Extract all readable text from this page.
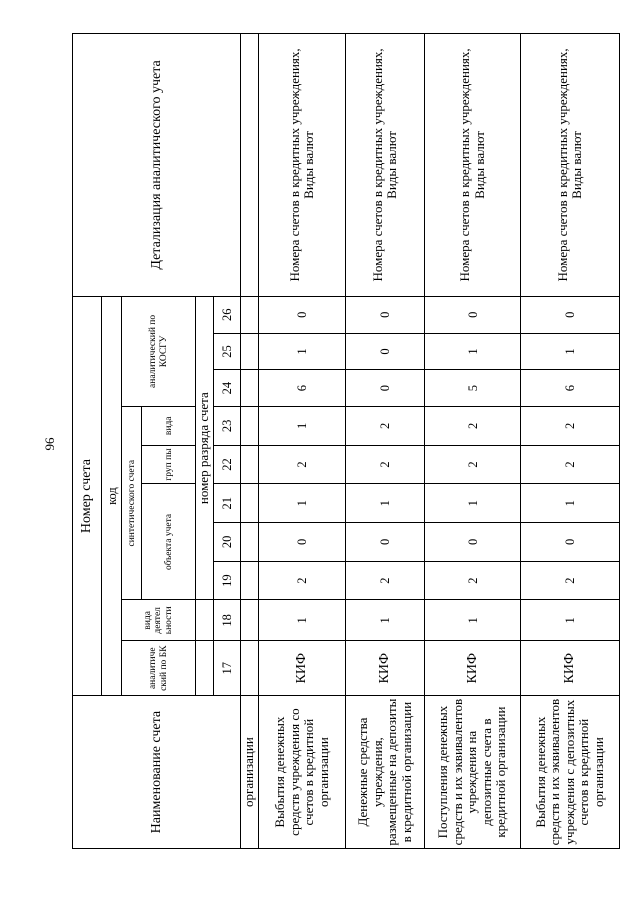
96
Наименование счета	Номер счета										Детализация аналитического учета
	код										
	аналитиче ский по БК	вида деятел ьности	синтетического счета					аналитический по КОСГУ			
			объекта учета			груп пы	вида				
			номер разряда счета								
	17	18	19	20	21	22	23	24	25	26	
организации											
Выбытия денежных средств учреждения со счетов в кредитной организации	КИФ	1	2	0	1	2	1	6	1	0	Номера счетов в кредитных учреждениях, Виды валют
Денежные средства учреждения, размещенные на депозиты в кредитной организации	КИФ	1	2	0	1	2	2	0	0	0	Номера счетов в кредитных учреждениях, Виды валют
Поступления денежных средств и их эквивалентов учреждения на депозитные счета в кредитной организации	КИФ	1	2	0	1	2	2	5	1	0	Номера счетов в кредитных учреждениях, Виды валют
Выбытия денежных средств и их эквивалентов учреждения с депозитных счетов в кредитной организации	КИФ	1	2	0	1	2	2	6	1	0	Номера счетов в кредитных учреждениях, Виды валют
